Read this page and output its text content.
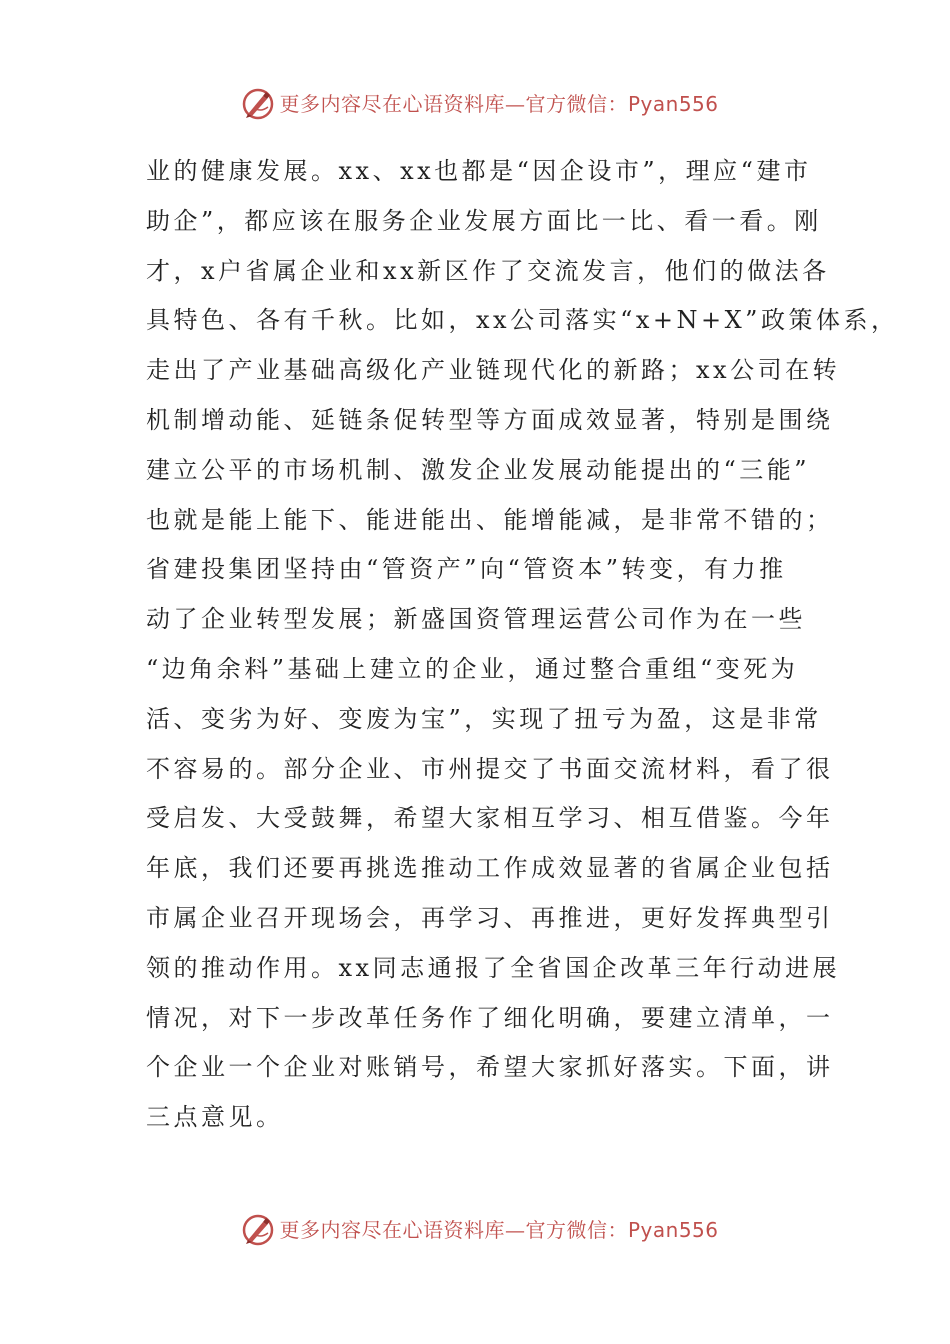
更多内容尽在心语资料库—官方微信：Pyan556
业的健康发展。xx、xx也都是“因企设市”，理应“建市
助企”，都应该在服务企业发展方面比一比、看一看。刚
才，x户省属企业和xx新区作了交流发言，他们的做法各
具特色、各有千秋。比如，xx公司落实“x+N+X”政策体系，
走出了产业基础高级化产业链现代化的新路；xx公司在转
机制增动能、延链条促转型等方面成效显著，特别是围绕
建立公平的市场机制、激发企业发展动能提出的“三能”
也就是能上能下、能进能出、能增能减，是非常不错的；
省建投集团坚持由“管资产”向“管资本”转变，有力推
动了企业转型发展；新盛国资管理运营公司作为在一些
“边角余料”基础上建立的企业，通过整合重组“变死为
活、变劣为好、变废为宝”，实现了扭亏为盈，这是非常
不容易的。部分企业、市州提交了书面交流材料，看了很
受启发、大受鼓舞，希望大家相互学习、相互借鉴。今年
年底，我们还要再挑选推动工作成效显著的省属企业包括
市属企业召开现场会，再学习、再推进，更好发挥典型引
领的推动作用。xx同志通报了全省国企改革三年行动进展
情况，对下一步改革任务作了细化明确，要建立清单，一
个企业一个企业对账销号，希望大家抓好落实。下面，讲
三点意见。
更多内容尽在心语资料库—官方微信：Pyan556
